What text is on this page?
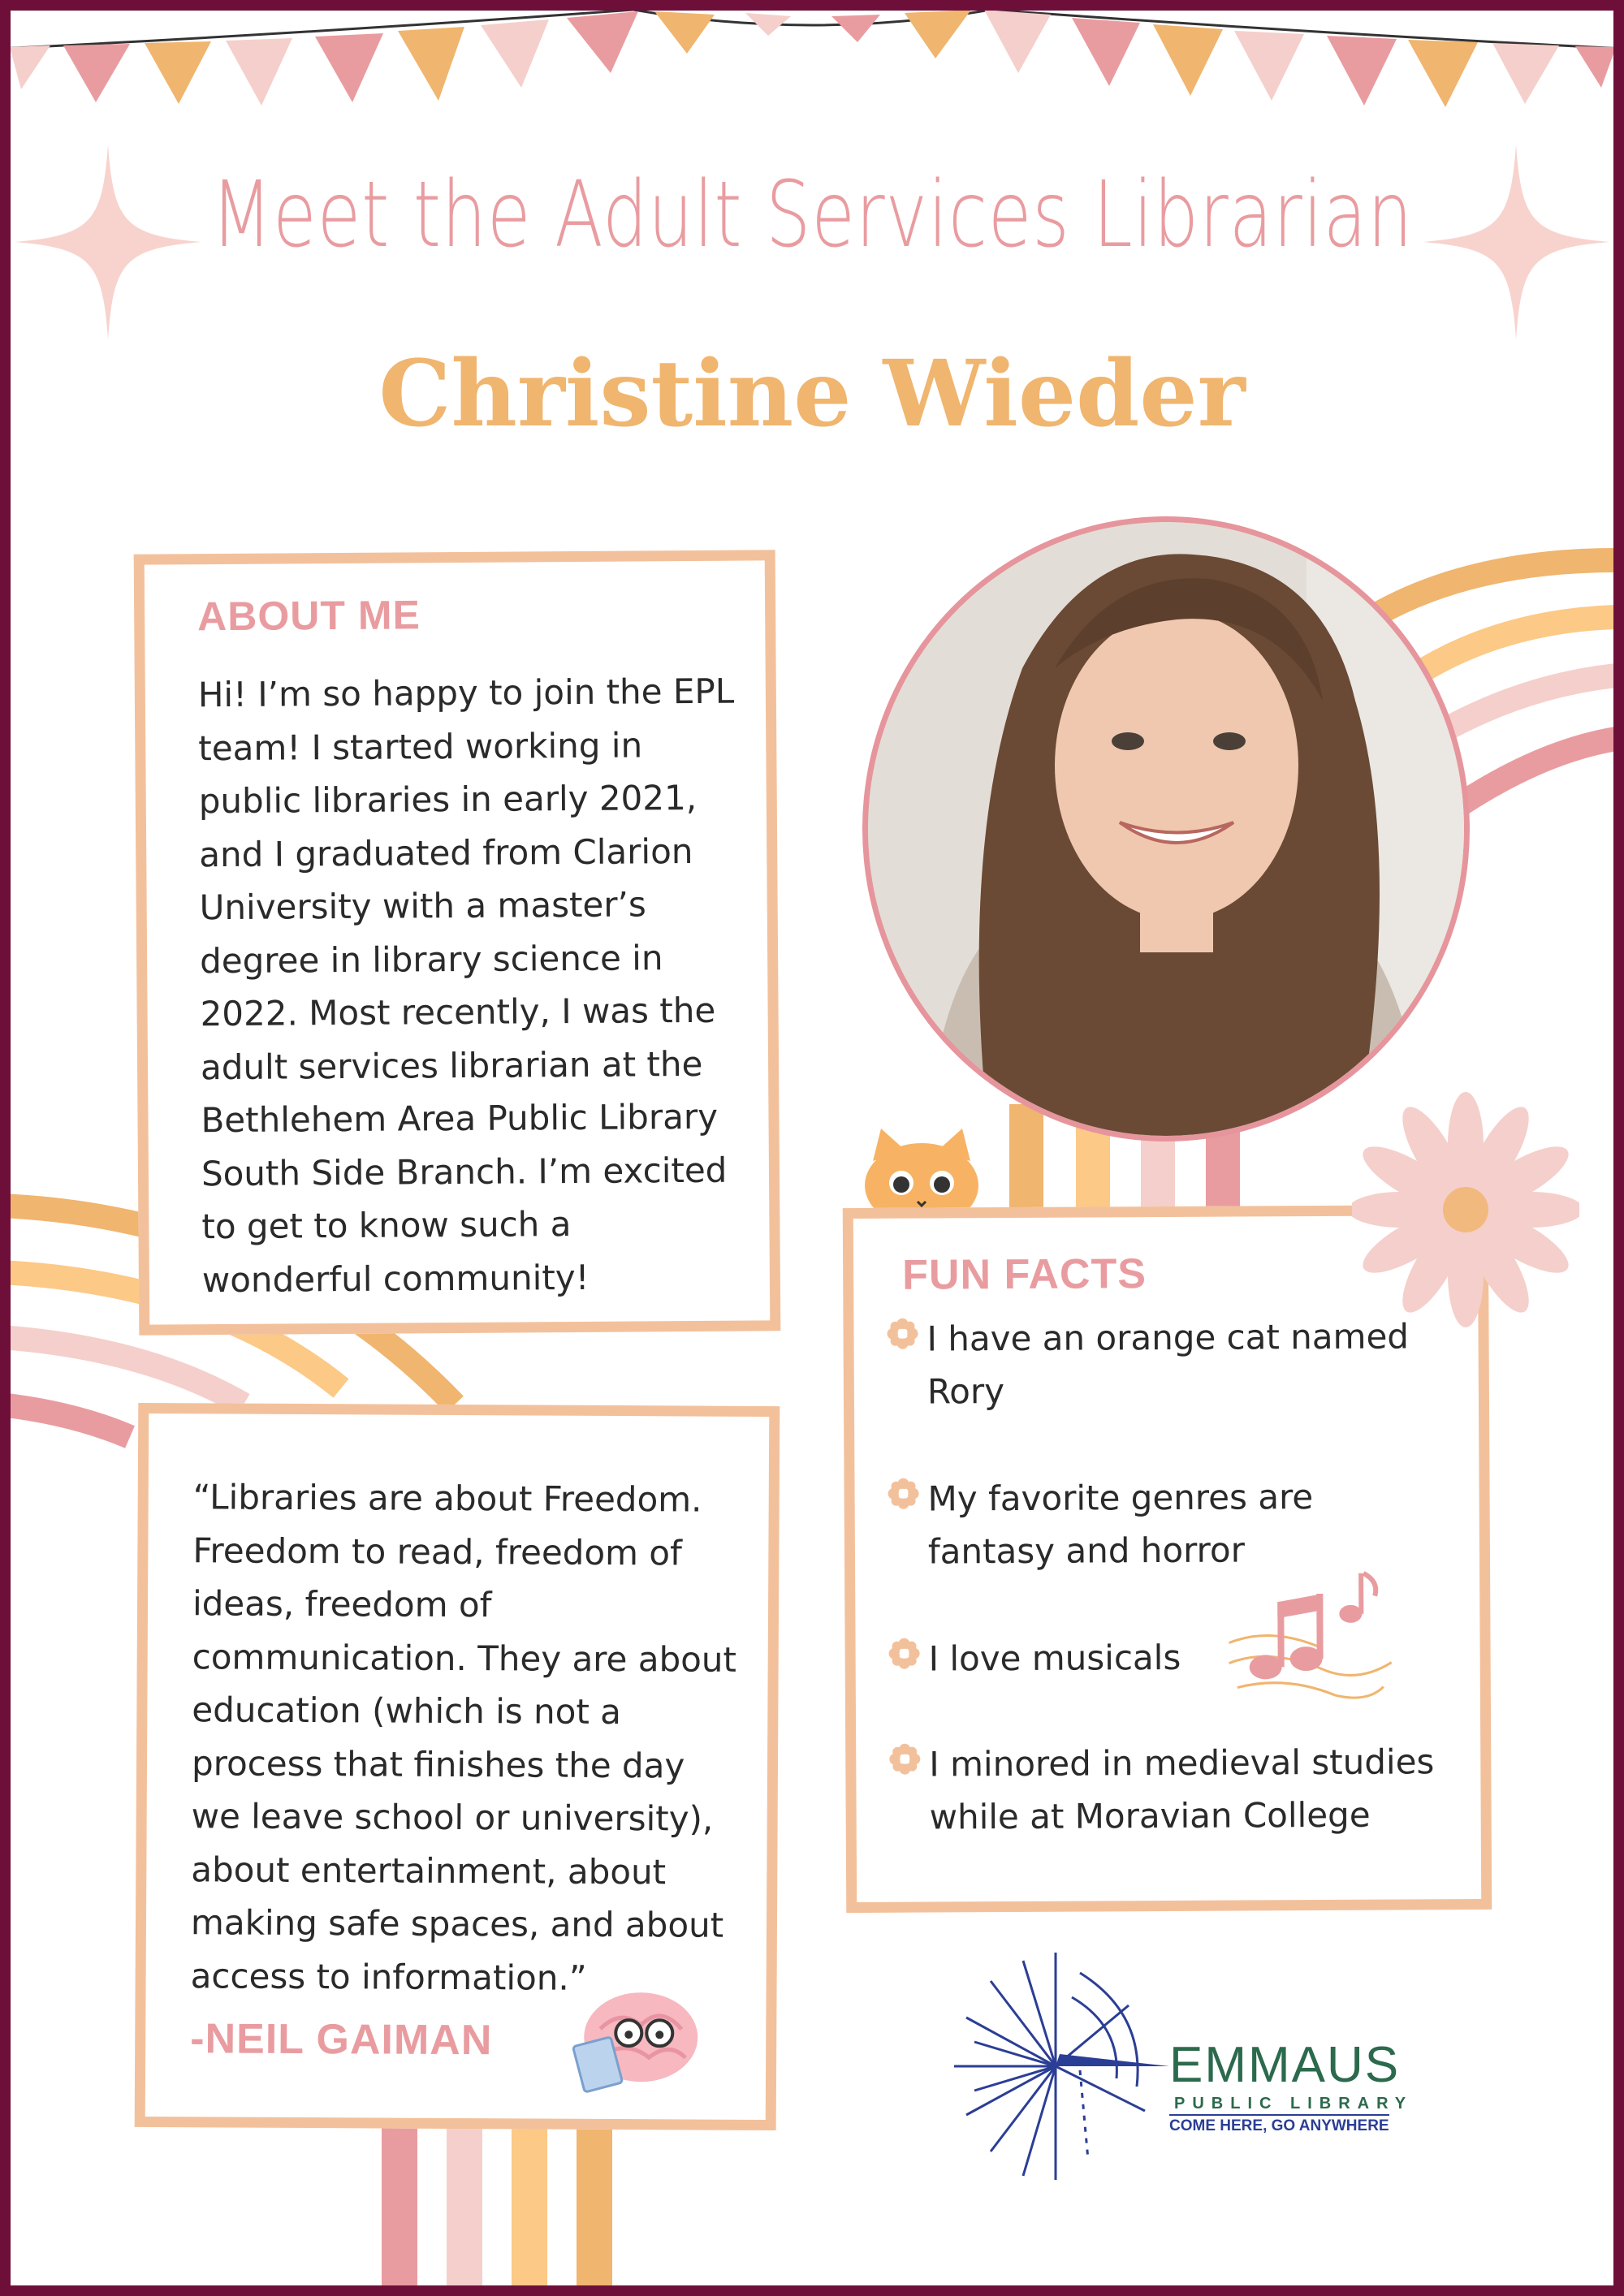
Meet the Adult Services Librarian
Christine Wieder
ABOUT ME
Hi! I’m so happy to join the EPL
team! I started working in
public libraries in early 2021,
and I graduated from Clarion
University with a master’s
degree in library science in
2022. Most recently, I was the
adult services librarian at the
Bethlehem Area Public Library
South Side Branch. I’m excited
to get to know such a
wonderful community!
“Libraries are about Freedom.
Freedom to read, freedom of
ideas, freedom of
communication. They are about
education (which is not a
process that finishes the day
we leave school or university),
about entertainment, about
making safe spaces, and about
access to information.”
-NEIL GAIMAN
FUN FACTS
I have an orange cat named
Rory
My favorite genres are
fantasy and horror
I love musicals
I minored in medieval studies
while at Moravian College
EMMAUS
PUBLIC LIBRARY
COME HERE, GO ANYWHERE
